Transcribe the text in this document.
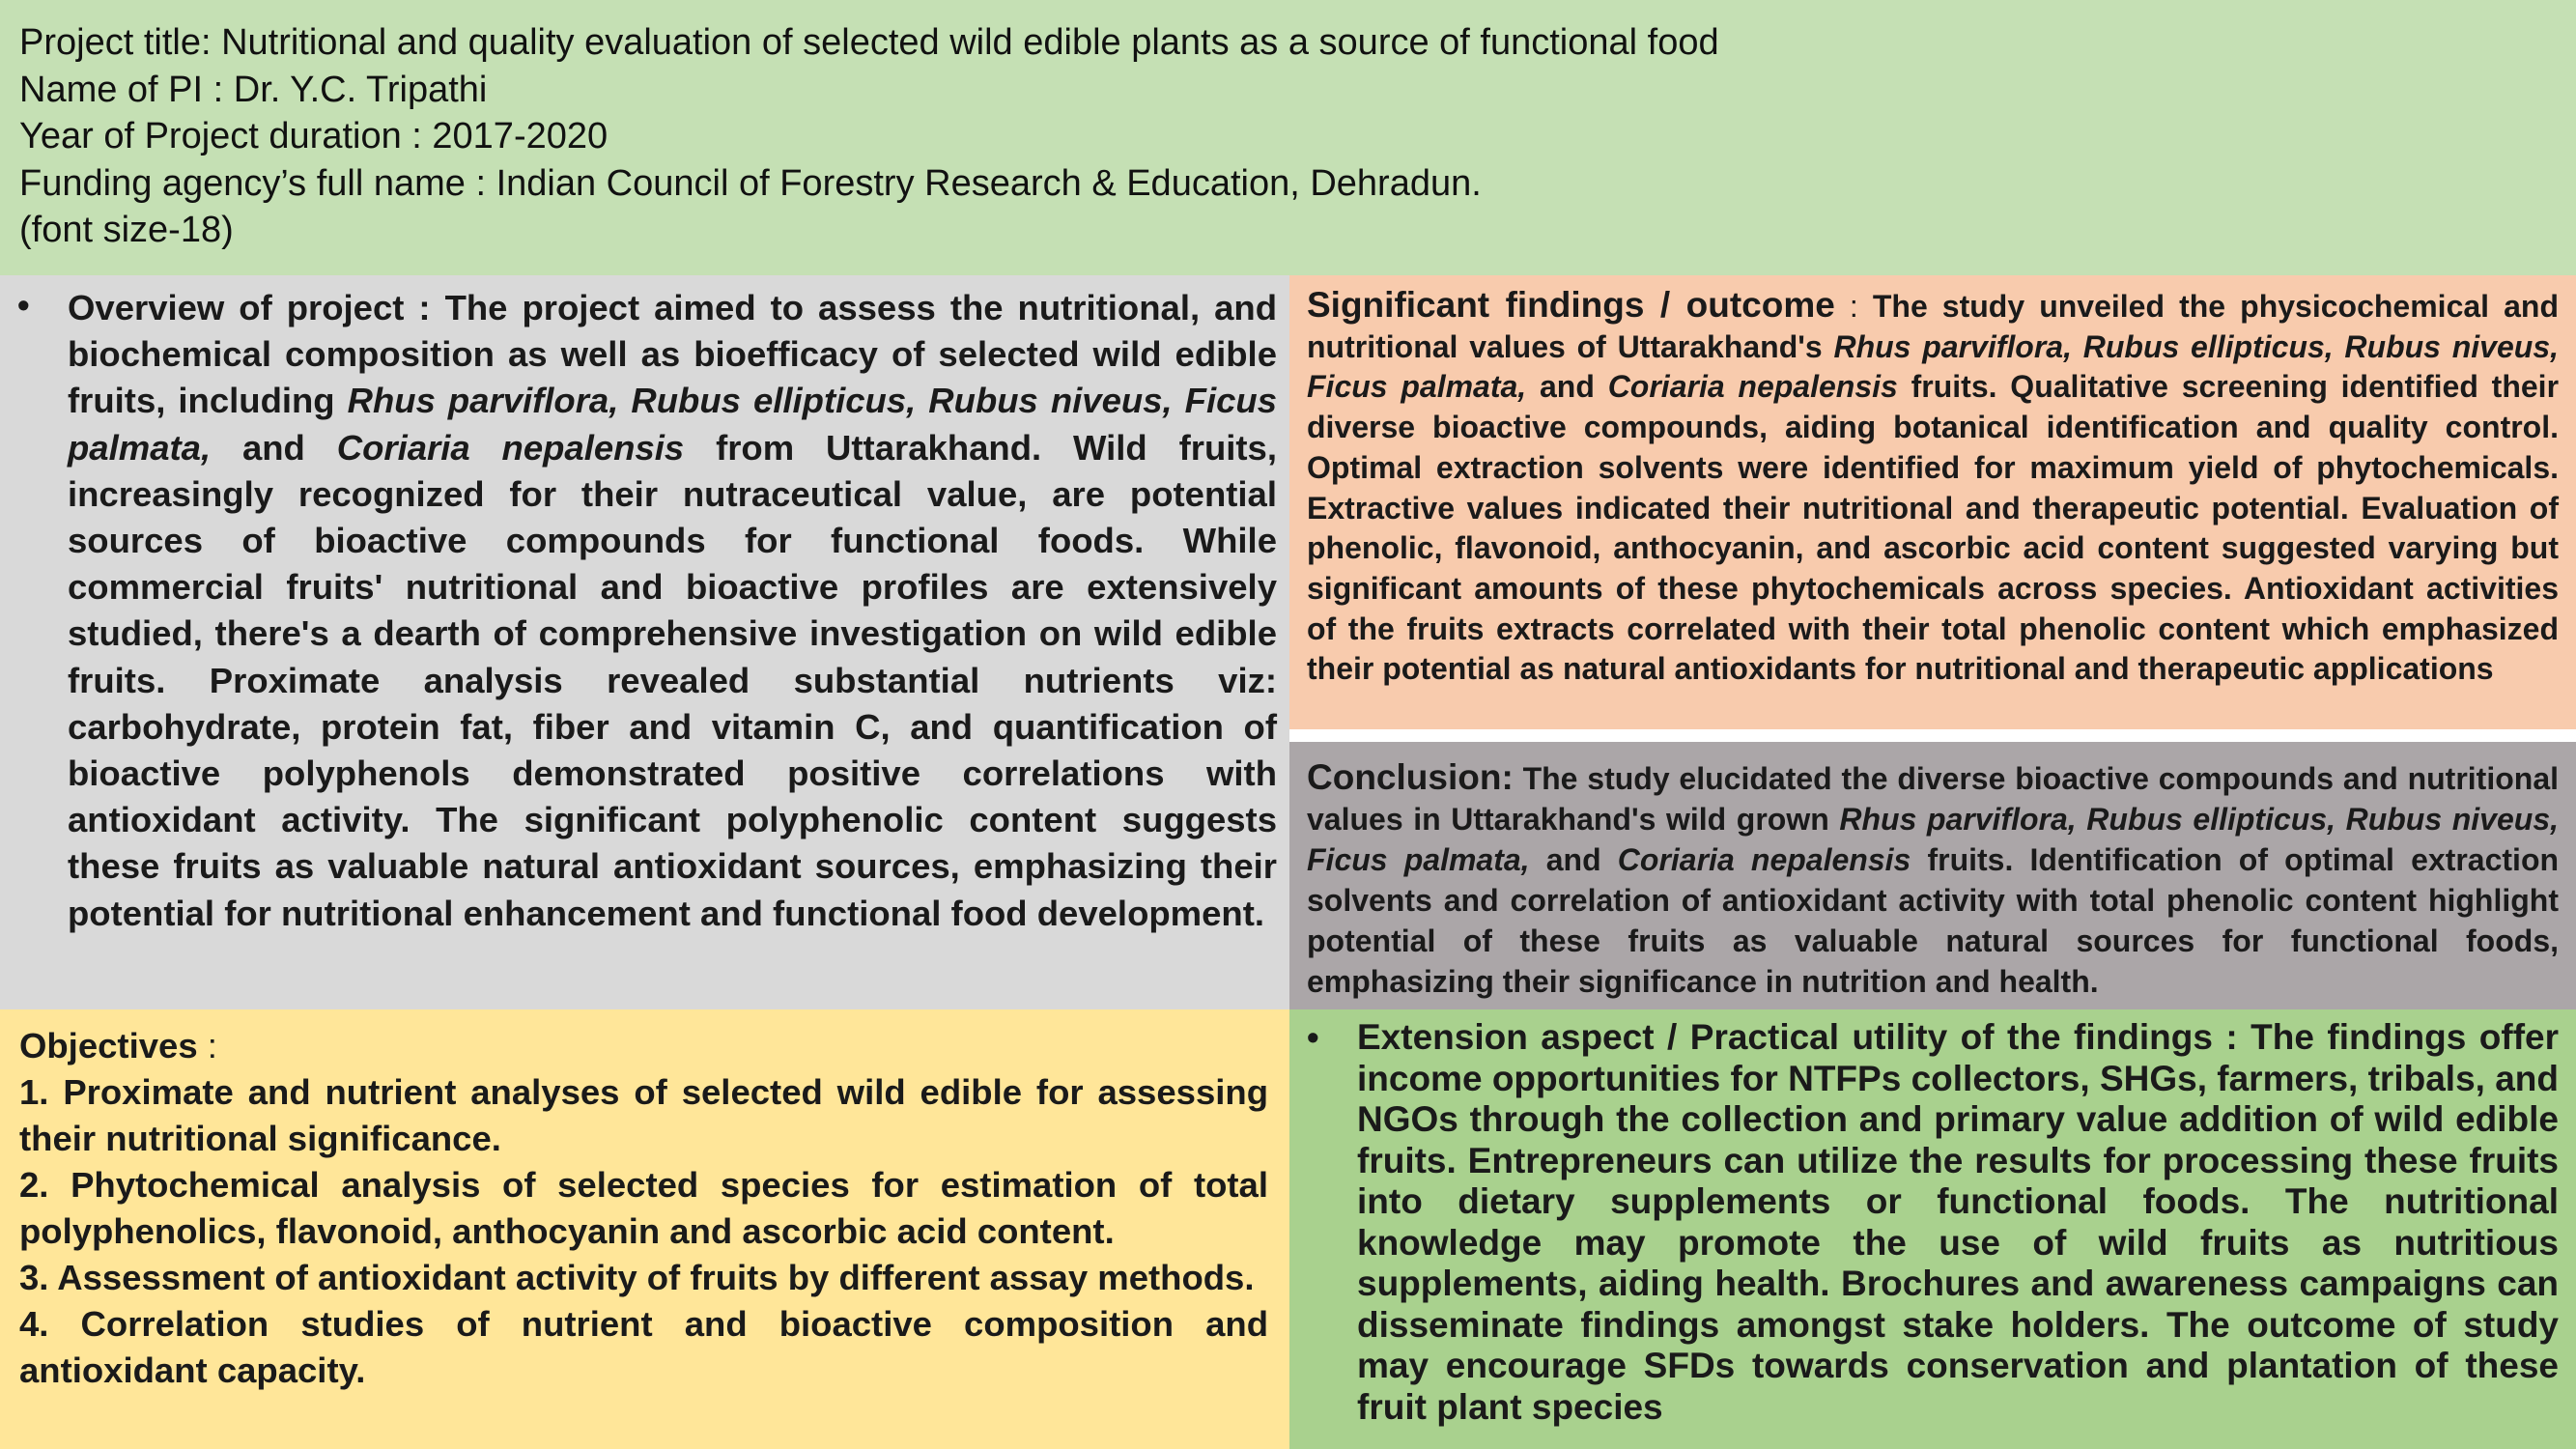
Project title: Nutritional and quality evaluation of selected wild edible plants as a source of functional food
Name of PI : Dr. Y.C. Tripathi
Year of Project duration : 2017-2020
Funding agency’s full name : Indian Council of Forestry Research & Education, Dehradun.
(font size-18)
• Overview of project : The project aimed to assess the nutritional, and biochemical composition as well as bioefficacy of selected wild edible fruits, including Rhus parviflora, Rubus ellipticus, Rubus niveus, Ficus palmata, and Coriaria nepalensis from Uttarakhand. Wild fruits, increasingly recognized for their nutraceutical value, are potential sources of bioactive compounds for functional foods. While commercial fruits' nutritional and bioactive profiles are extensively studied, there's a dearth of comprehensive investigation on wild edible fruits. Proximate analysis revealed substantial nutrients viz: carbohydrate, protein fat, fiber and vitamin C, and quantification of bioactive polyphenols demonstrated positive correlations with antioxidant activity. The significant polyphenolic content suggests these fruits as valuable natural antioxidant sources, emphasizing their potential for nutritional enhancement and functional food development.
Significant findings / outcome : The study unveiled the physicochemical and nutritional values of Uttarakhand's Rhus parviflora, Rubus ellipticus, Rubus niveus, Ficus palmata, and Coriaria nepalensis fruits. Qualitative screening identified their diverse bioactive compounds, aiding botanical identification and quality control. Optimal extraction solvents were identified for maximum yield of phytochemicals. Extractive values indicated their nutritional and therapeutic potential. Evaluation of phenolic, flavonoid, anthocyanin, and ascorbic acid content suggested varying but significant amounts of these phytochemicals across species. Antioxidant activities of the fruits extracts correlated with their total phenolic content which emphasized their potential as natural antioxidants for nutritional and therapeutic applications
Conclusion: The study elucidated the diverse bioactive compounds and nutritional values in Uttarakhand's wild grown Rhus parviflora, Rubus ellipticus, Rubus niveus, Ficus palmata, and Coriaria nepalensis fruits. Identification of optimal extraction solvents and correlation of antioxidant activity with total phenolic content highlight potential of these fruits as valuable natural sources for functional foods, emphasizing their significance in nutrition and health.
Objectives :
1. Proximate and nutrient analyses of selected wild edible for assessing their nutritional significance.
2. Phytochemical analysis of selected species for estimation of total polyphenolics, flavonoid, anthocyanin and ascorbic acid content.
3. Assessment of antioxidant activity of fruits by different assay methods.
4. Correlation studies of nutrient and bioactive composition and antioxidant capacity.
• Extension aspect / Practical utility of the findings : The findings offer income opportunities for NTFPs collectors, SHGs, farmers, tribals, and NGOs through the collection and primary value addition of wild edible fruits. Entrepreneurs can utilize the results for processing these fruits into dietary supplements or functional foods. The nutritional knowledge may promote the use of wild fruits as nutritious supplements, aiding health. Brochures and awareness campaigns can disseminate findings amongst stake holders. The outcome of study may encourage SFDs towards conservation and plantation of these fruit plant species
